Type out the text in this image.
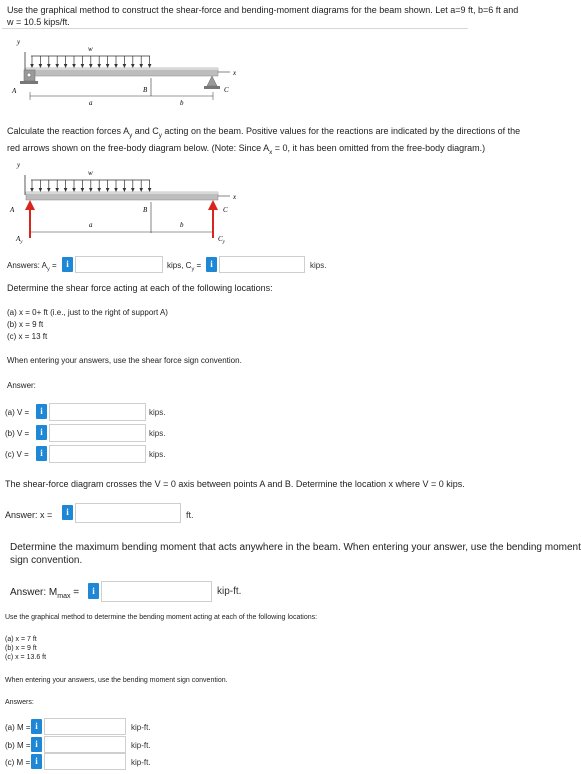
Use the graphical method to construct the shear-force and bending-moment diagrams for the beam shown. Let a=9 ft, b=6 ft and
w = 10.5 kips/ft.
y
w
x
A	C
B
a	b
Calculate the reaction forces $A_y$ and $C_y$ acting on the beam. Positive values for the reactions are indicated by the directions of the
red arrows shown on the free-body diagram below. (Note: Since $A_x = 0$, it has been omitted from the free-body diagram.)
y
w
x
A	C
B
a	b
$A_y$	$C_y$
Answers: $A_y$ =	i	kips, $C_y$ =	i	kips.
Determine the shear force acting at each of the following locations:
(a) x = 0+ ft (i.e., just to the right of support A)
(b) x = 9 ft
(c) x = 13 ft
When entering your answers, use the shear force sign convention.
Answer:
(a) V =	i	kips.
(b) V =	i	kips.
(c) V =	i	kips.
The shear-force diagram crosses the V = 0 axis between points A and B. Determine the location x where V = 0 kips.
Answer: x =	i	ft.
Determine the maximum bending moment that acts anywhere in the beam. When entering your answer, use the bending moment
sign convention.
Answer: $M_{max}$ =	i	kip-ft.
Use the graphical method to determine the bending moment acting at each of the following locations:
(a) x = 7 ft
(b) x = 9 ft
(c) x = 13.6 ft
When entering your answers, use the bending moment sign convention.
Answers:
(a) M = i	kip-ft.
(b) M = i	kip-ft.
(c) M = i	kip-ft.
